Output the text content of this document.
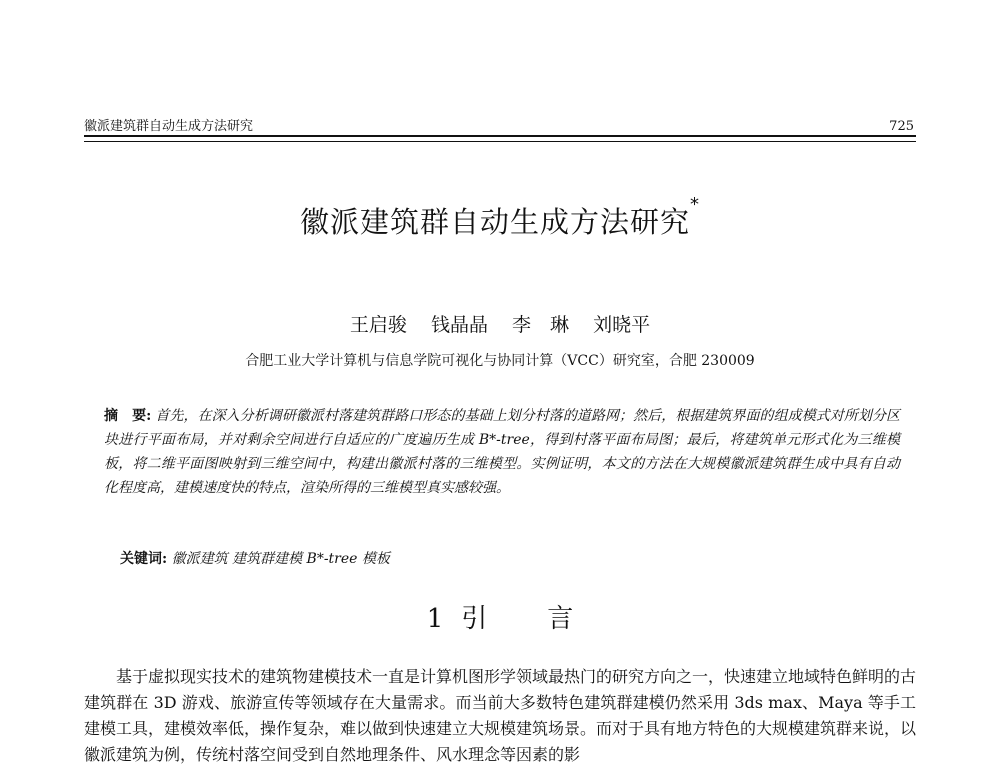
徽派建筑群自动生成方法研究	725
徽派建筑群自动生成方法研究*
王启骏 钱晶晶 李　琳 刘晓平
合肥工业大学计算机与信息学院可视化与协同计算（VCC）研究室，合肥 230009
摘　要: 首先，在深入分析调研徽派村落建筑群路口形态的基础上划分村落的道路网；然后，根据建筑界面的组成模式对所划分区块进行平面布局，并对剩余空间进行自适应的广度遍历生成 B*-tree，得到村落平面布局图；最后，将建筑单元形式化为三维模板，将二维平面图映射到三维空间中，构建出徽派村落的三维模型。实例证明，本文的方法在大规模徽派建筑群生成中具有自动化程度高，建模速度快的特点，渲染所得的三维模型真实感较强。
关键词: 徽派建筑 建筑群建模 B*-tree 模板
1 引 言
基于虚拟现实技术的建筑物建模技术一直是计算机图形学领域最热门的研究方向之一，快速建立地域特色鲜明的古建筑群在 3D 游戏、旅游宣传等领域存在大量需求。而当前大多数特色建筑群建模仍然采用 3ds max、Maya 等手工建模工具，建模效率低，操作复杂，难以做到快速建立大规模建筑场景。而对于具有地方特色的大规模建筑群来说，以徽派建筑为例，传统村落空间受到自然地理条件、风水理念等因素的影
